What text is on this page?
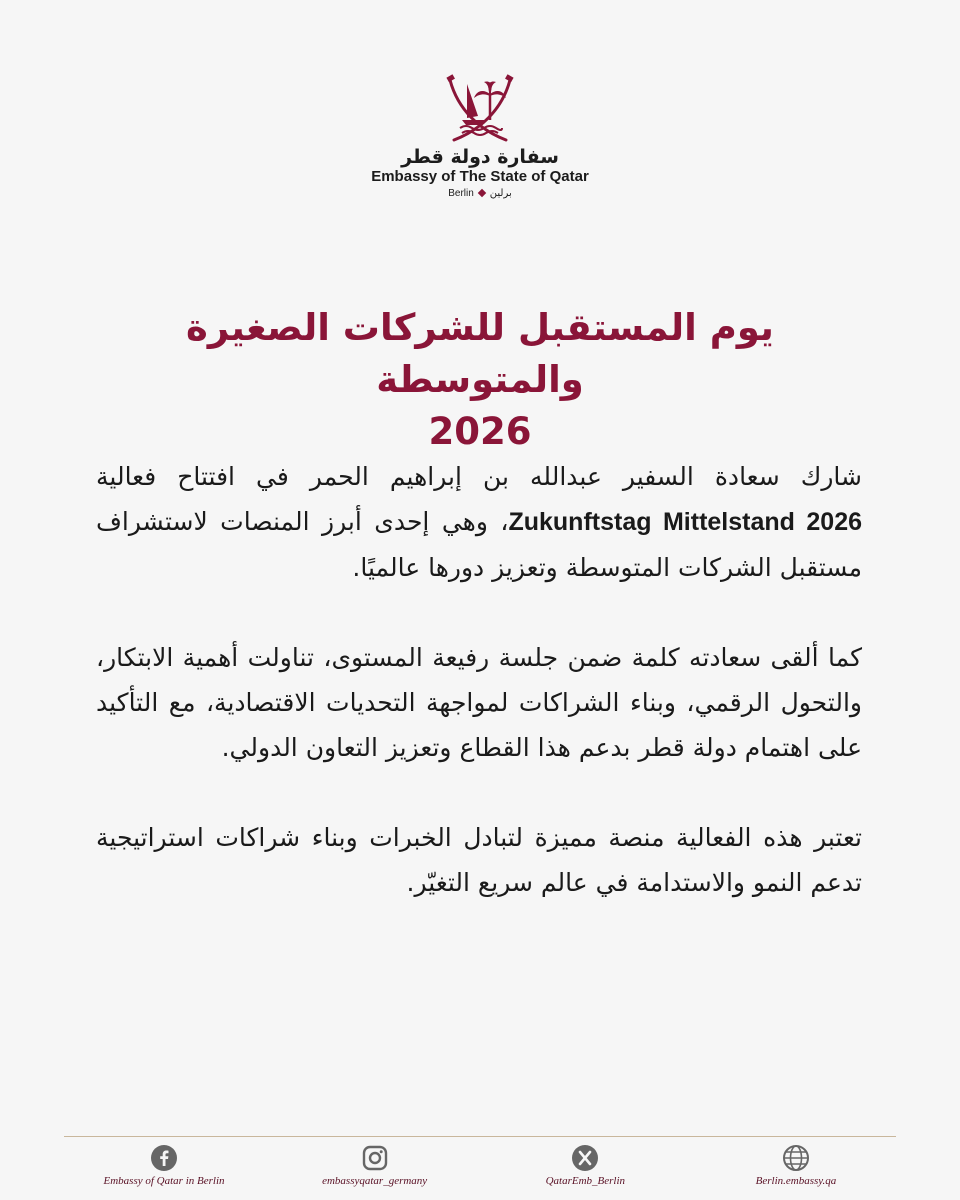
سفارة دولة قطر
Embassy of The State of Qatar
Berlin برلين
يوم المستقبل للشركات الصغيرة والمتوسطة
2026

شارك سعادة السفير عبدالله بن إبراهيم الحمر في افتتاح فعالية Zukunftstag Mittelstand 2026، وهي إحدى أبرز المنصات لاستشراف مستقبل الشركات المتوسطة وتعزيز دورها عالميًا.

كما ألقى سعادته كلمة ضمن جلسة رفيعة المستوى، تناولت أهمية الابتكار، والتحول الرقمي، وبناء الشراكات لمواجهة التحديات الاقتصادية، مع التأكيد على اهتمام دولة قطر بدعم هذا القطاع وتعزيز التعاون الدولي.

تعتبر هذه الفعالية منصة مميزة لتبادل الخبرات وبناء شراكات استراتيجية تدعم النمو والاستدامة في عالم سريع التغيّر.

Embassy of Qatar in Berlin	embassyqatar_germany	QatarEmb_Berlin	Berlin.embassy.qa
